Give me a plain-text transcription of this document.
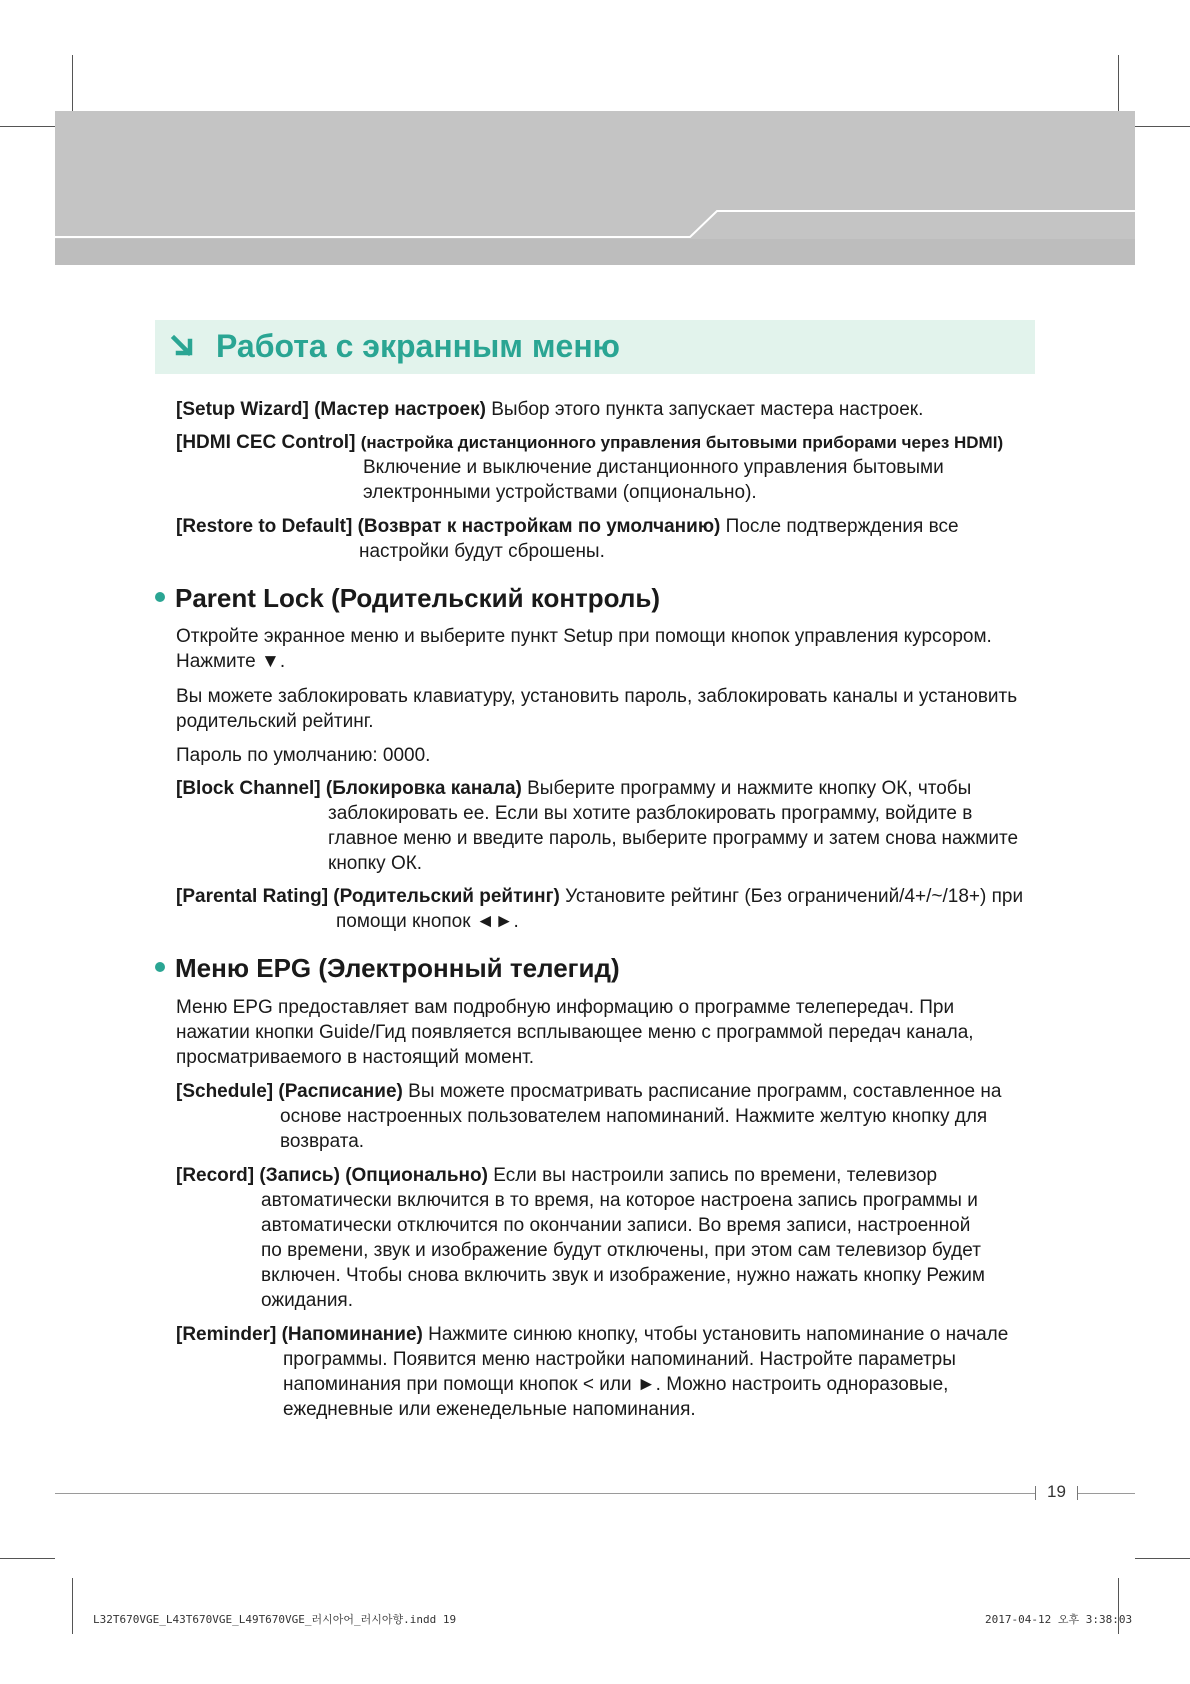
Работа с экранным меню
[Setup Wizard] (Мастер настроек) Выбор этого пункта запускает мастера настроек.
[HDMI CEC Control] (настройка дистанционного управления бытовыми приборами через HDMI)
Включение и выключение дистанционного управления бытовыми
электронными устройствами (опционально).
[Restore to Default] (Возврат к настройкам по умолчанию) После подтверждения все
настройки будут сброшены.
Parent Lock (Родительский контроль)
Откройте экранное меню и выберите пункт Setup при помощи кнопок управления курсором.
Нажмите ▼.
Вы можете заблокировать клавиатуру, установить пароль, заблокировать каналы и установить
родительский рейтинг.
Пароль по умолчанию: 0000.
[Block Channel] (Блокировка канала) Выберите программу и нажмите кнопку ОК, чтобы
заблокировать ее. Если вы хотите разблокировать программу, войдите в
главное меню и введите пароль, выберите программу и затем снова нажмите
кнопку ОК.
[Parental Rating] (Родительский рейтинг) Установите рейтинг (Без ограничений/4+/~/18+) при
помощи кнопок ◄►.
Меню EPG (Электронный телегид)
Меню EPG предоставляет вам подробную информацию о программе телепередач. При
нажатии кнопки Guide/Гид появляется всплывающее меню с программой передач канала,
просматриваемого в настоящий момент.
[Schedule] (Расписание) Вы можете просматривать расписание программ, составленное на
основе настроенных пользователем напоминаний. Нажмите желтую кнопку для
возврата.
[Record] (Запись) (Опционально) Если вы настроили запись по времени, телевизор
автоматически включится в то время, на которое настроена запись программы и
автоматически отключится по окончании записи. Во время записи, настроенной
по времени, звук и изображение будут отключены, при этом сам телевизор будет
включен. Чтобы снова включить звук и изображение, нужно нажать кнопку Режим
ожидания.
[Reminder] (Напоминание) Нажмите синюю кнопку, чтобы установить напоминание о начале
программы. Появится меню настройки напоминаний. Настройте параметры
напоминания при помощи кнопок < или ►. Можно настроить одноразовые,
ежедневные или еженедельные напоминания.
19
L32T670VGE_L43T670VGE_L49T670VGE_러시아어_러시아향.indd 19	2017-04-12 오후 3:38:03
